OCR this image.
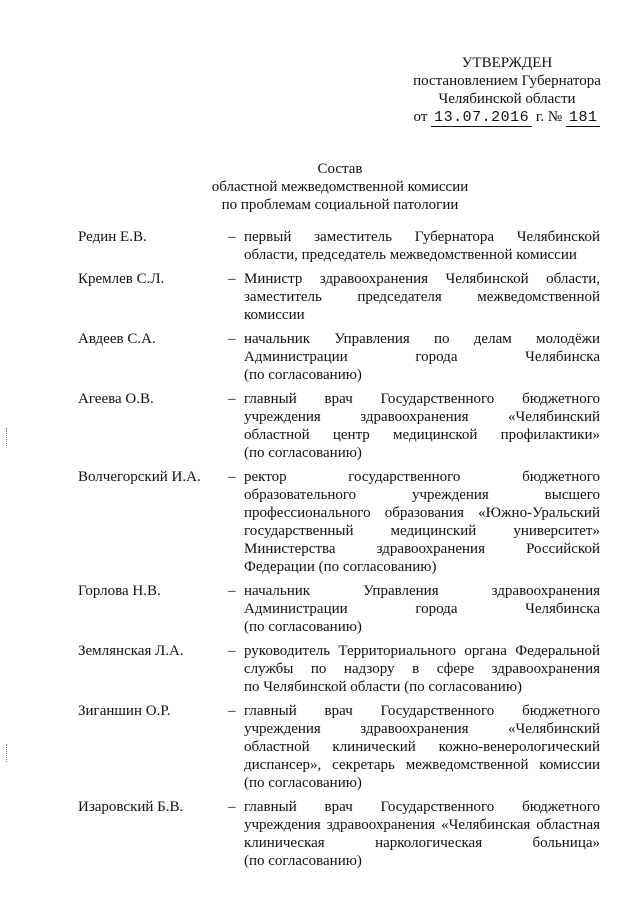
УТВЕРЖДЕН
постановлением Губернатора
Челябинской области
от 13.07.2016 г. № 181
Состав
областной межведомственной комиссии
по проблемам социальной патологии
Редин Е.В.	– первый заместитель Губернатора Челябинской
области, председатель межведомственной комиссии
Кремлев С.Л.	– Министр здравоохранения Челябинской области,
заместитель председателя межведомственной
комиссии
Авдеев С.А.	– начальник Управления по делам молодёжи
Администрации города Челябинска
(по согласованию)
Агеева О.В.	– главный врач Государственного бюджетного
учреждения здравоохранения «Челябинский
областной центр медицинской профилактики»
(по согласованию)
Волчегорский И.А.	– ректор государственного бюджетного
образовательного учреждения высшего
профессионального образования «Южно-Уральский
государственный медицинский университет»
Министерства здравоохранения Российской
Федерации (по согласованию)
Горлова Н.В.	– начальник Управления здравоохранения
Администрации города Челябинска
(по согласованию)
Землянская Л.А.	– руководитель Территориального органа Федеральной
службы по надзору в сфере здравоохранения
по Челябинской области (по согласованию)
Зиганшин О.Р.	– главный врач Государственного бюджетного
учреждения здравоохранения «Челябинский
областной клинический кожно-венерологический
диспансер», секретарь межведомственной комиссии
(по согласованию)
Изаровский Б.В.	– главный врач Государственного бюджетного
учреждения здравоохранения «Челябинская областная
клиническая наркологическая больница»
(по согласованию)
